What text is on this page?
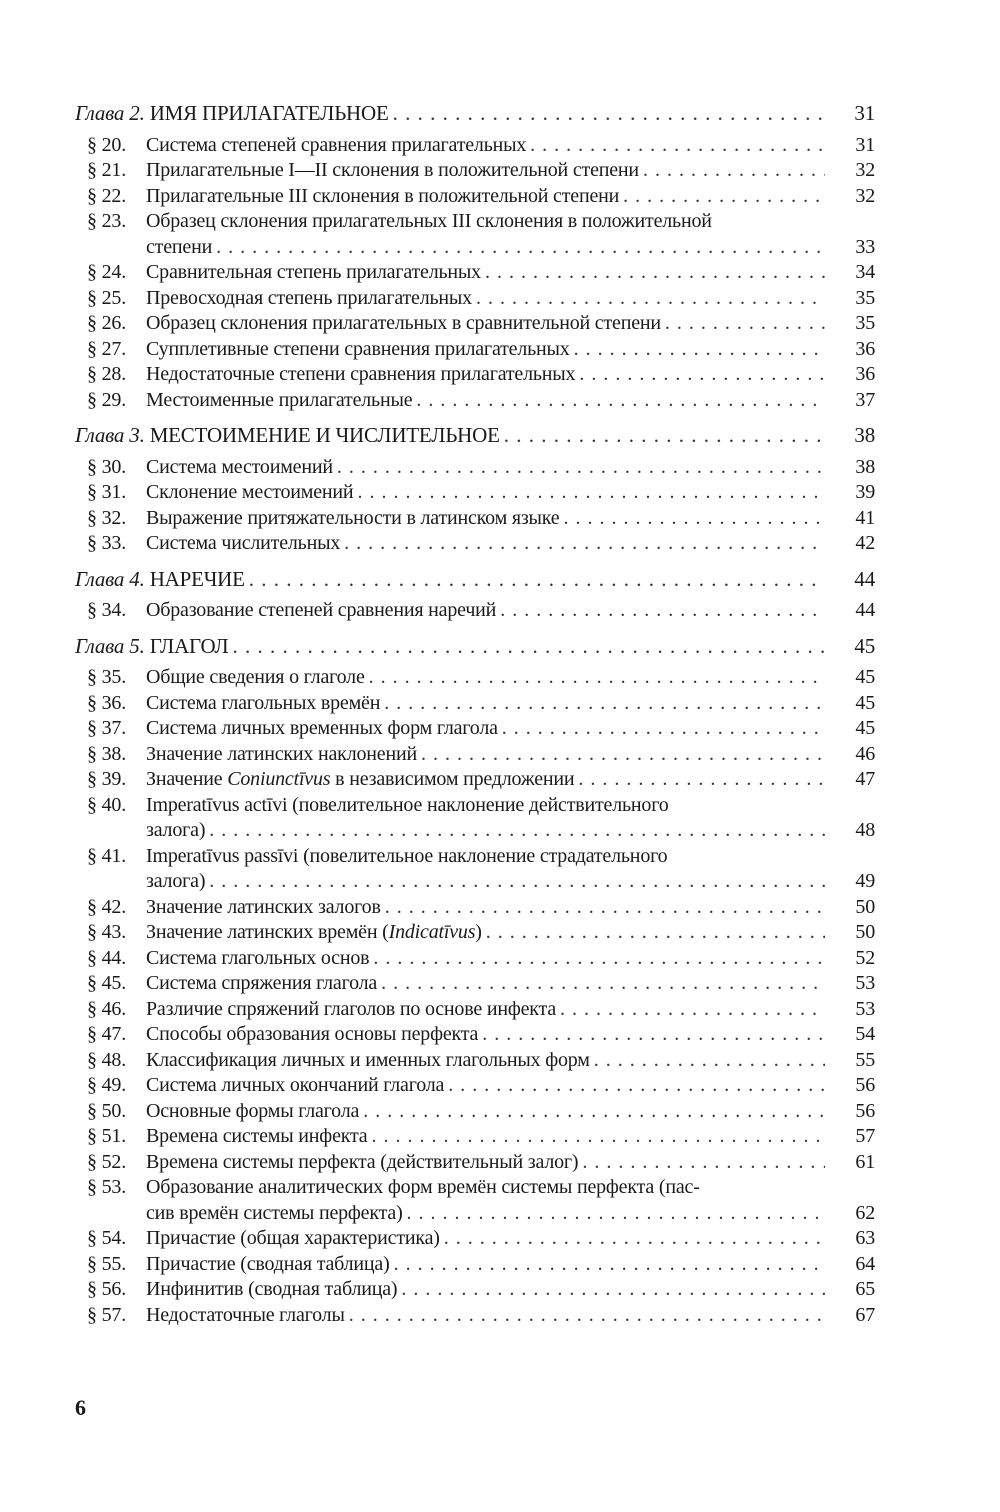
Глава 2. ИМЯ ПРИЛАГАТЕЛЬНОЕ . . .	31
§ 20. Система степеней сравнения прилагательных . . .	31
§ 21. Прилагательные I—II склонения в положительной степени . . .	32
§ 22. Прилагательные III склонения в положительной степени . . .	32
§ 23. Образец склонения прилагательных III склонения в положительной
степени . . .	33
§ 24. Сравнительная степень прилагательных . . .	34
§ 25. Превосходная степень прилагательных . . .	35
§ 26. Образец склонения прилагательных в сравнительной степени . . .	35
§ 27. Супплетивные степени сравнения прилагательных . . .	36
§ 28. Недостаточные степени сравнения прилагательных . . .	36
§ 29. Местоименные прилагательные . . .	37
Глава 3. МЕСТОИМЕНИЕ И ЧИСЛИТЕЛЬНОЕ . . .	38
§ 30. Система местоимений . . .	38
§ 31. Склонение местоимений . . .	39
§ 32. Выражение притяжательности в латинском языке . . .	41
§ 33. Система числительных . . .	42
Глава 4. НАРЕЧИЕ . . .	44
§ 34. Образование степеней сравнения наречий . . .	44
Глава 5. ГЛАГОЛ . . .	45
§ 35. Общие сведения о глаголе . . .	45
§ 36. Система глагольных времён . . .	45
§ 37. Система личных временных форм глагола . . .	45
§ 38. Значение латинских наклонений . . .	46
§ 39. Значение Coniunctīvus в независимом предложении . . .	47
§ 40. Imperatīvus actīvi (повелительное наклонение действительного
залога) . . .	48
§ 41. Imperatīvus passīvi (повелительное наклонение страдательного
залога) . . .	49
§ 42. Значение латинских залогов . . .	50
§ 43. Значение латинских времён (Indicatīvus) . . .	50
§ 44. Система глагольных основ . . .	52
§ 45. Система спряжения глагола . . .	53
§ 46. Различие спряжений глаголов по основе инфекта . . .	53
§ 47. Способы образования основы перфекта . . .	54
§ 48. Классификация личных и именных глагольных форм . . .	55
§ 49. Система личных окончаний глагола . . .	56
§ 50. Основные формы глагола . . .	56
§ 51. Времена системы инфекта . . .	57
§ 52. Времена системы перфекта (действительный залог) . . .	61
§ 53. Образование аналитических форм времён системы перфекта (пас-
сив времён системы перфекта) . . .	62
§ 54. Причастие (общая характеристика) . . .	63
§ 55. Причастие (сводная таблица) . . .	64
§ 56. Инфинитив (сводная таблица) . . .	65
§ 57. Недостаточные глаголы . . .	67
6
